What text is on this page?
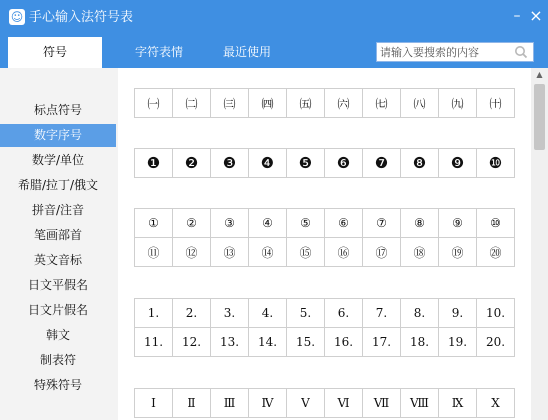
☺ 手心输入法符号表	– ×
符号	字符表情	最近使用
请输入要搜索的内容
标点符号
数字序号
数学/单位
希腊/拉丁/俄文
拼音/注音
笔画部首
英文音标
日文平假名
日文片假名
韩文
制表符
特殊符号
㈠	㈡	㈢	㈣	㈤	㈥	㈦	㈧	㈨	㈩
❶	❷	❸	❹	❺	❻	❼	❽	❾	❿
①	②	③	④	⑤	⑥	⑦	⑧	⑨	⑩
⑪	⑫	⑬	⑭	⑮	⑯	⑰	⑱	⑲	⑳
1.	2.	3.	4.	5.	6.	7.	8.	9.	10.
11.	12.	13.	14.	15.	16.	17.	18.	19.	20.
Ⅰ	Ⅱ	Ⅲ	Ⅳ	Ⅴ	Ⅵ	Ⅶ	Ⅷ	Ⅸ	Ⅹ
▲
